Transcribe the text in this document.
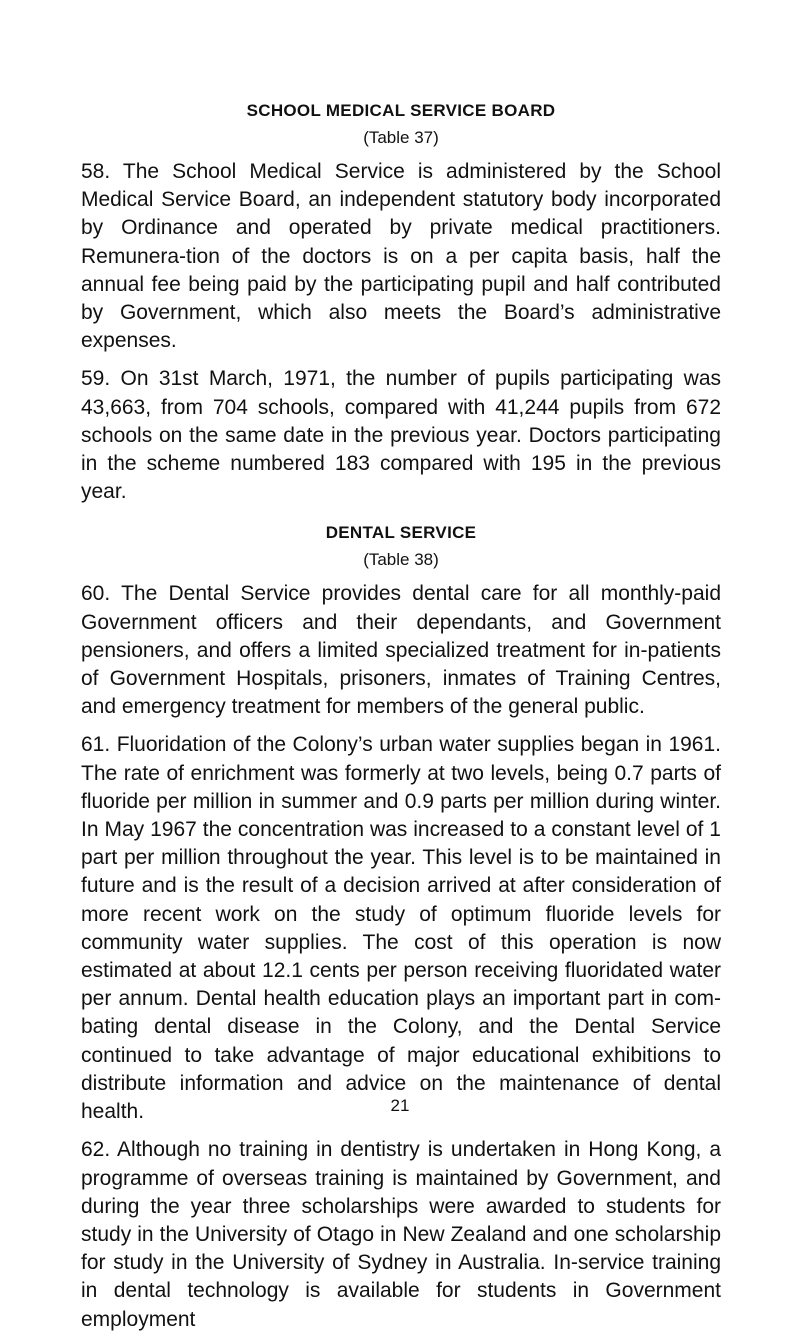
SCHOOL MEDICAL SERVICE BOARD
(Table 37)

58. The School Medical Service is administered by the School Medical Service Board, an independent statutory body incorporated by Ordinance and operated by private medical practitioners. Remunera-tion of the doctors is on a per capita basis, half the annual fee being paid by the participating pupil and half contributed by Government, which also meets the Board’s administrative expenses.

59. On 31st March, 1971, the number of pupils participating was 43,663, from 704 schools, compared with 41,244 pupils from 672 schools on the same date in the previous year. Doctors participating in the scheme numbered 183 compared with 195 in the previous year.

DENTAL SERVICE
(Table 38)

60. The Dental Service provides dental care for all monthly-paid Government officers and their dependants, and Government pensioners, and offers a limited specialized treatment for in-patients of Government Hospitals, prisoners, inmates of Training Centres, and emergency treatment for members of the general public.

61. Fluoridation of the Colony’s urban water supplies began in 1961. The rate of enrichment was formerly at two levels, being 0.7 parts of fluoride per million in summer and 0.9 parts per million during winter. In May 1967 the concentration was increased to a constant level of 1 part per million throughout the year. This level is to be maintained in future and is the result of a decision arrived at after consideration of more recent work on the study of optimum fluoride levels for community water supplies. The cost of this operation is now estimated at about 12.1 cents per person receiving fluoridated water per annum. Dental health education plays an important part in com-bating dental disease in the Colony, and the Dental Service continued to take advantage of major educational exhibitions to distribute information and advice on the maintenance of dental health.

62. Although no training in dentistry is undertaken in Hong Kong, a programme of overseas training is maintained by Government, and during the year three scholarships were awarded to students for study in the University of Otago in New Zealand and one scholarship for study in the University of Sydney in Australia. In-service training in dental technology is available for students in Government employment

21
